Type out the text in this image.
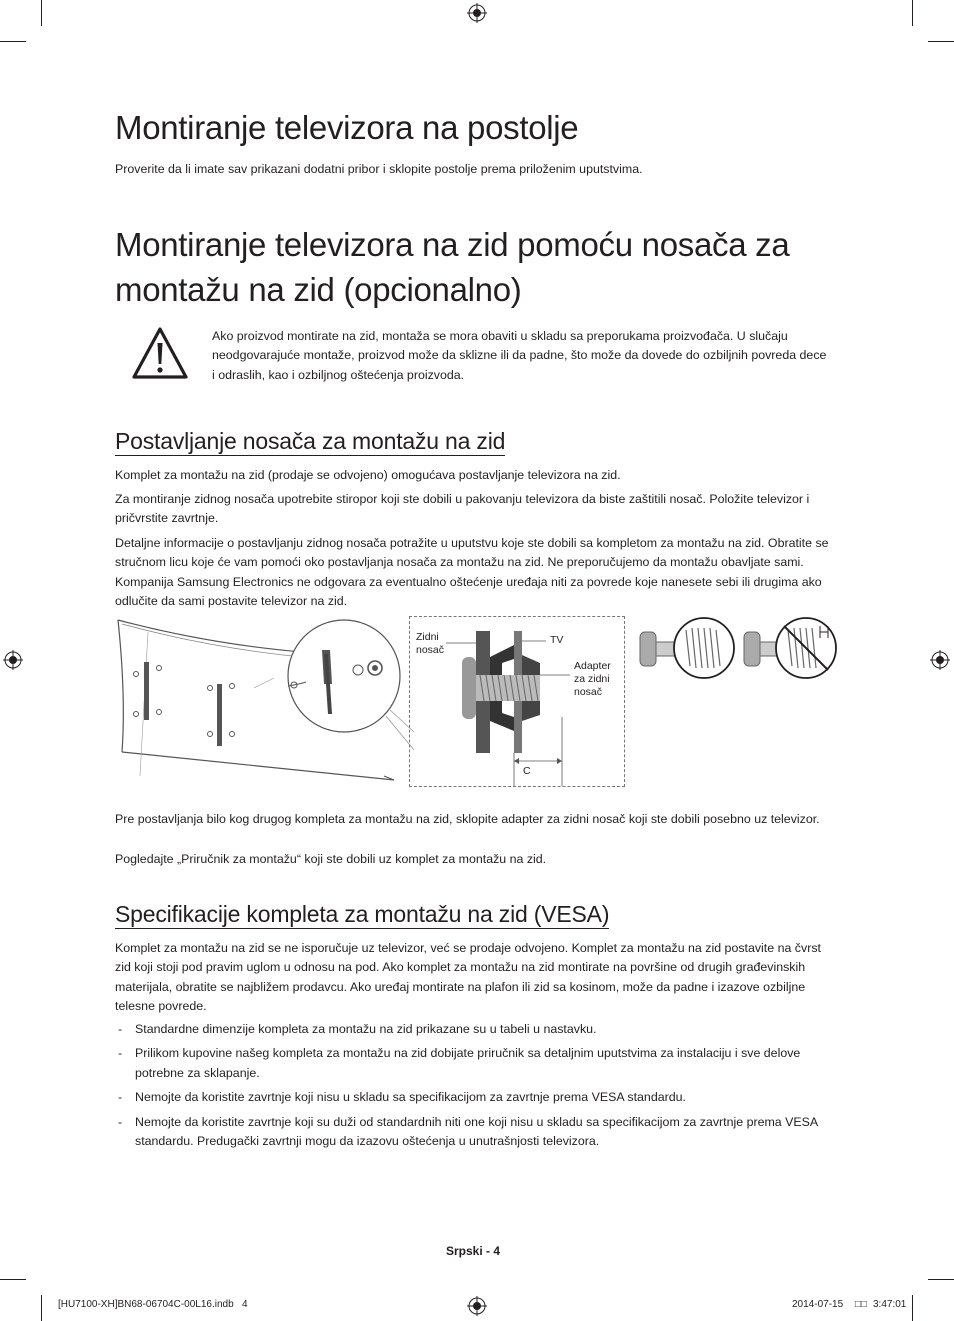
Montiranje televizora na postolje

Proverite da li imate sav prikazani dodatni pribor i sklopite postolje prema priloženim uputstvima.

Montiranje televizora na zid pomoću nosača za
montažu na zid (opcionalno)

Ako proizvod montirate na zid, montaža se mora obaviti u skladu sa preporukama proizvođača. U slučaju neodgovarajuće montaže, proizvod može da sklizne ili da padne, što može da dovede do ozbiljnih povreda dece i odraslih, kao i ozbiljnog oštećenja proizvoda.

Postavljanje nosača za montažu na zid

Komplet za montažu na zid (prodaje se odvojeno) omogućava postavljanje televizora na zid.

Za montiranje zidnog nosača upotrebite stiropor koji ste dobili u pakovanju televizora da biste zaštitili nosač. Položite televizor i pričvrstite zavrtnje.

Detaljne informacije o postavljanju zidnog nosača potražite u uputstvu koje ste dobili sa kompletom za montažu na zid. Obratite se stručnom licu koje će vam pomoći oko postavljanja nosača za montažu na zid. Ne preporučujemo da montažu obavljate sami. Kompanija Samsung Electronics ne odgovara za eventualno oštećenje uređaja niti za povrede koje nanesete sebi ili drugima ako odlučite da sami postavite televizor na zid.

Zidni nosač
TV
Adapter za zidni nosač
C

Pre postavljanja bilo kog drugog kompleta za montažu na zid, sklopite adapter za zidni nosač koji ste dobili posebno uz televizor.

Pogledajte „Priručnik za montažu“ koji ste dobili uz komplet za montažu na zid.

Specifikacije kompleta za montažu na zid (VESA)

Komplet za montažu na zid se ne isporučuje uz televizor, već se prodaje odvojeno. Komplet za montažu na zid postavite na čvrst zid koji stoji pod pravim uglom u odnosu na pod. Ako komplet za montažu na zid montirate na površine od drugih građevinskih materijala, obratite se najbližem prodavcu. Ako uređaj montirate na plafon ili zid sa kosinom, može da padne i izazove ozbiljne telesne povrede.

- Standardne dimenzije kompleta za montažu na zid prikazane su u tabeli u nastavku.
- Prilikom kupovine našeg kompleta za montažu na zid dobijate priručnik sa detaljnim uputstvima za instalaciju i sve delove potrebne za sklapanje.
- Nemojte da koristite zavrtnje koji nisu u skladu sa specifikacijom za zavrtnje prema VESA standardu.
- Nemojte da koristite zavrtnje koji su duži od standardnih niti one koji nisu u skladu sa specifikacijom za zavrtnje prema VESA standardu. Predugački zavrtnji mogu da izazovu oštećenja u unutrašnjosti televizora.
Srpski - 4
[HU7100-XH]BN68-06704C-00L16.indb   4	2014-07-15 □□ 3:47:01
